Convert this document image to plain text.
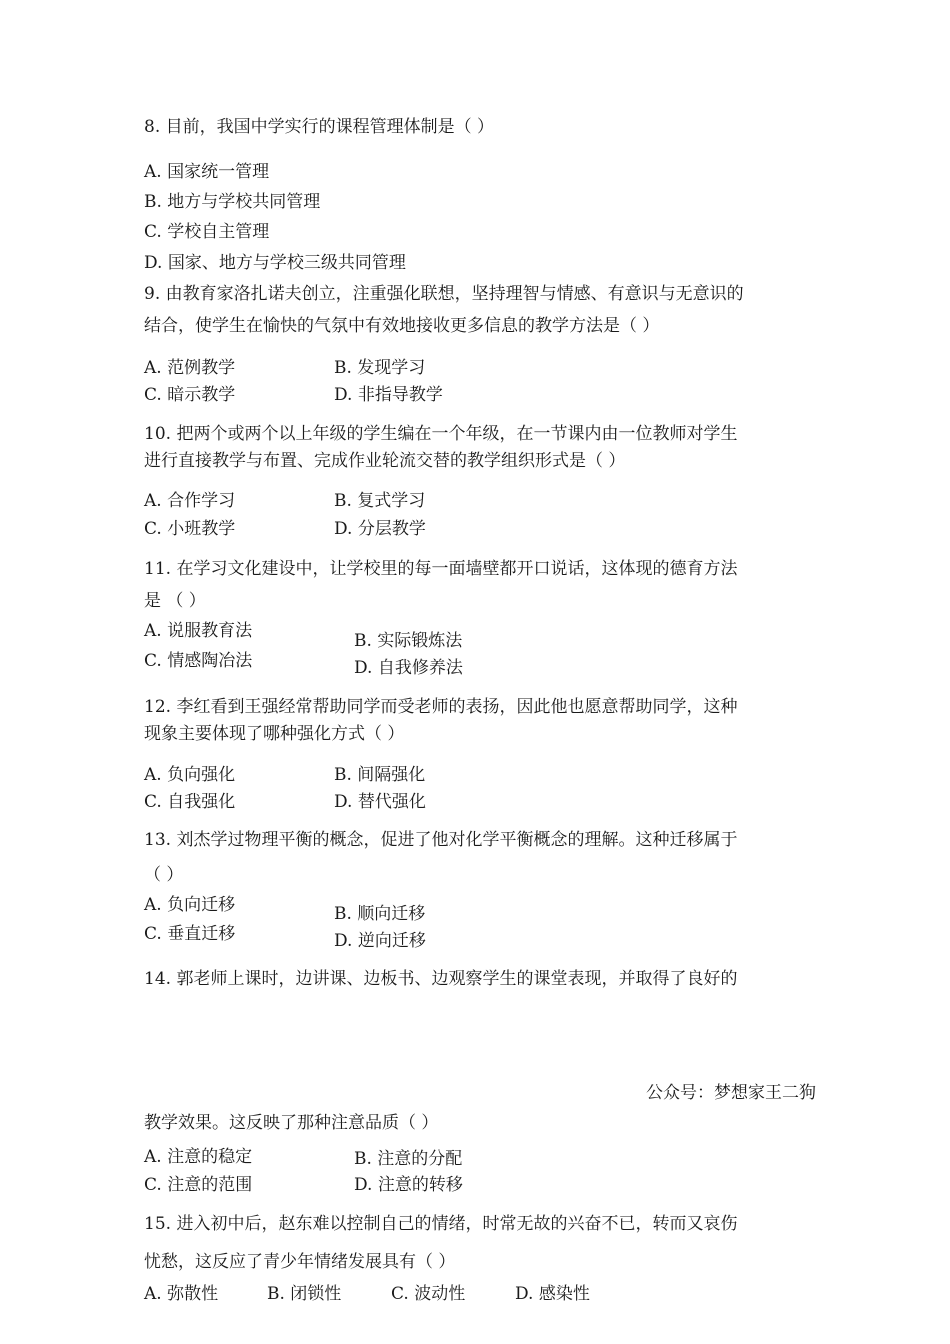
8. 目前，我国中学实行的课程管理体制是（ ）
A. 国家统一管理
B. 地方与学校共同管理
C. 学校自主管理
D. 国家、地方与学校三级共同管理
9. 由教育家洛扎诺夫创立，注重强化联想，坚持理智与情感、有意识与无意识的
结合，使学生在愉快的气氛中有效地接收更多信息的教学方法是（ ）
A. 范例教学	B. 发现学习
C. 暗示教学	D. 非指导教学
10. 把两个或两个以上年级的学生编在一个年级，在一节课内由一位教师对学生
进行直接教学与布置、完成作业轮流交替的教学组织形式是（ ）
A. 合作学习	B. 复式学习
C. 小班教学	D. 分层教学
11. 在学习文化建设中，让学校里的每一面墙壁都开口说话，这体现的德育方法
是 （ ）
A. 说服教育法	B. 实际锻炼法
C. 情感陶冶法	D. 自我修养法
12. 李红看到王强经常帮助同学而受老师的表扬，因此他也愿意帮助同学，这种
现象主要体现了哪种强化方式（ ）
A. 负向强化	B. 间隔强化
C. 自我强化	D. 替代强化
13. 刘杰学过物理平衡的概念，促进了他对化学平衡概念的理解。这种迁移属于
（ ）
A. 负向迁移	B. 顺向迁移
C. 垂直迁移	D. 逆向迁移
14. 郭老师上课时，边讲课、边板书、边观察学生的课堂表现，并取得了良好的
公众号：梦想家王二狗
教学效果。这反映了那种注意品质（ ）
A. 注意的稳定	B. 注意的分配
C. 注意的范围	D. 注意的转移
15. 进入初中后，赵东难以控制自己的情绪，时常无故的兴奋不已，转而又哀伤
忧愁，这反应了青少年情绪发展具有（ ）
A. 弥散性	B. 闭锁性	C. 波动性	D. 感染性
